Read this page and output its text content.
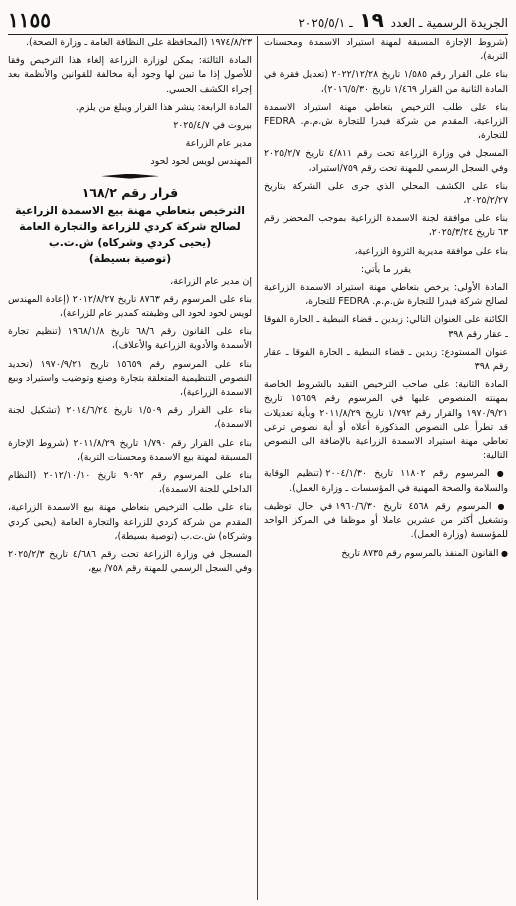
الجريدة الرسمية ـ العدد ١٩ ـ ٢٠٢٥/٥/١
١١٥٥

(شروط الإجازة المسبقة لمهنة استيراد الاسمدة ومحسنات التربة)،

بناء على القرار رقم ١/٥٨٥ تاريخ ٢٠٢٢/١٢/٢٨ (تعديل فقرة في المادة الثانية من القرار ١/٤٦٩ تاريخ ٢٠١٦/٥/٣٠)،

بناء على طلب الترخيص بتعاطي مهنة استيراد الاسمدة الزراعية، المقدم من شركة فيدرا للتجارة ش.م.م. FEDRA للتجارة،

المسجل في وزارة الزراعة تحت رقم ٤/٨١١ تاريخ ٢٠٢٥/٢/٧ وفي السجل الرسمي للمهنة تحت رقم ٧٥٩/استيراد،

بناء على الكشف المحلي الذي جرى على الشركة بتاريخ ٢٠٢٥/٢/٢٧،

بناء على موافقة لجنة الاسمدة الزراعية بموجب المحضر رقم ٦٣ تاريخ ٢٠٢٥/٣/٢٤،

بناء على موافقة مديرية الثروة الزراعية،

يقرر ما يأتي:

المادة الأولى: يرخص بتعاطي مهنة استيراد الاسمدة الزراعية لصالح شركة فيدرا للتجارة ش.م.م. FEDRA للتجارة،

الكائنة على العنوان التالي: زبدين ـ قضاء النبطية ـ الحارة الفوقا ـ عقار رقم ٣٩٨

عنوان المستودع: زبدين ـ قضاء النبطية ـ الحارة الفوقا ـ عقار رقم ٣٩٨

المادة الثانية: على صاحب الترخيص التقيد بالشروط الخاصة بمهنته المنصوص عليها في المرسوم رقم ١٥٦٥٩ تاريخ ١٩٧٠/٩/٢١ والقرار رقم ١/٧٩٢ تاريخ ٢٠١١/٨/٢٩ وبأية تعديلات قد تطرأ على النصوص المذكورة أعلاه أو أية نصوص ترعى تعاطي مهنة استيراد الاسمدة الزراعية بالإضافة الى النصوص التالية:

● المرسوم رقم ١١٨٠٢ تاريخ ٢٠٠٤/١/٣٠ (تنظيم الوقاية والسلامة والصحة المهنية في المؤسسات ـ وزارة العمل).

● المرسوم رقم ٤٥٦٨ تاريخ ١٩٦٠/٦/٣٠ في حال توظيف وتشغيل أكثر من عشرين عاملا أو موظفا في المركز الواحد للمؤسسة (وزارة العمل).

● القانون المنفذ بالمرسوم رقم ٨٧٣٥ تاريخ

١٩٧٤/٨/٢٣ (المحافظة على النظافة العامة ـ وزارة الصحة).

المادة الثالثة: يمكن لوزارة الزراعة إلغاء هذا الترخيص وفقا للأصول إذا ما تبين لها وجود أية مخالفة للقوانين والأنظمة بعد إجراء الكشف الحسي.

المادة الرابعة: ينشر هذا القرار ويبلغ من يلزم.

بيروت في ٢٠٢٥/٤/٧

مدير عام الزراعة

المهندس لويس لحود لحود

قرار رقم ١٦٨/٢

الترخيص بتعاطي مهنة بيع الاسمدة الزراعية

لصالح شركة كردي للزراعة والتجارة العامة

(يحيى كردي وشركاه) ش.ت.ب

(توصية بسيطة)

إن مدير عام الزراعة،

بناء على المرسوم رقم ٨٧٦٣ تاريخ ٢٠١٢/٨/٢٧ (إعادة المهندس لويس لحود لحود الى وظيفته كمدير عام للزراعة)،

بناء على القانون رقم ٦٨/٦ تاريخ ١٩٦٨/١/٨ (تنظيم تجارة الأسمدة والأدوية الزراعية والأعلاف)،

بناء على المرسوم رقم ١٥٦٥٩ تاريخ ١٩٧٠/٩/٢١ (تحديد النصوص التنظيمية المتعلقة بتجارة وصنع وتوضيب واستيراد وبيع الاسمدة الزراعية)،

بناء على القرار رقم ١/٥٠٩ تاريخ ٢٠١٤/٦/٢٤ (تشكيل لجنة الاسمدة)،

بناء على القرار رقم ١/٧٩٠ تاريخ ٢٠١١/٨/٢٩ (شروط الإجازة المسبقة لمهنة بيع الاسمدة ومحسنات التربة)،

بناء على المرسوم رقم ٩٠٩٢ تاريخ ٢٠١٢/١٠/١٠ (النظام الداخلي للجنة الاسمدة)،

بناء على طلب الترخيص بتعاطي مهنة بيع الاسمدة الزراعية، المقدم من شركة كردي للزراعة والتجارة العامة (يحيى كردي وشركاه) ش.ت.ب (توصية بسيطة)،

المسجل في وزارة الزراعة تحت رقم ٤/٦٨٦ تاريخ ٢٠٢٥/٢/٣ وفي السجل الرسمي للمهنة رقم ٧٥٨/ بيع،
